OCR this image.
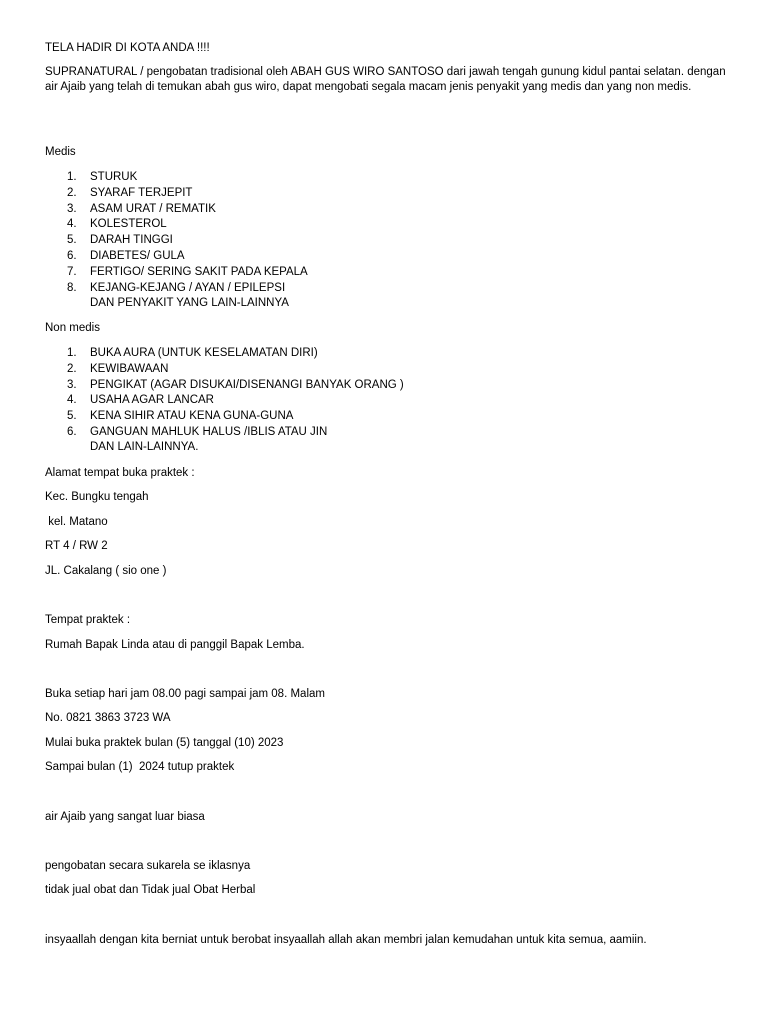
TELA HADIR DI KOTA ANDA !!!!

SUPRANATURAL / pengobatan tradisional oleh ABAH GUS WIRO SANTOSO dari jawah tengah gunung kidul pantai selatan. dengan air Ajaib yang telah di temukan abah gus wiro, dapat mengobati segala macam jenis penyakit yang medis dan yang non medis.

Medis

1. STURUK
2. SYARAF TERJEPIT
3. ASAM URAT / REMATIK
4. KOLESTEROL
5. DARAH TINGGI
6. DIABETES/ GULA
7. FERTIGO/ SERING SAKIT PADA KEPALA
8. KEJANG-KEJANG / AYAN / EPILEPSI
DAN PENYAKIT YANG LAIN-LAINNYA

Non medis

1. BUKA AURA (UNTUK KESELAMATAN DIRI)
2. KEWIBAWAAN
3. PENGIKAT (AGAR DISUKAI/DISENANGI BANYAK ORANG )
4. USAHA AGAR LANCAR
5. KENA SIHIR ATAU KENA GUNA-GUNA
6. GANGUAN MAHLUK HALUS /IBLIS ATAU JIN
DAN LAIN-LAINNYA.

Alamat tempat buka praktek :

Kec. Bungku tengah

kel. Matano

RT 4 / RW 2

JL. Cakalang ( sio one )

Tempat praktek :

Rumah Bapak Linda atau di panggil Bapak Lemba.

Buka setiap hari jam 08.00 pagi sampai jam 08. Malam

No. 0821 3863 3723 WA

Mulai buka praktek bulan (5) tanggal (10) 2023

Sampai bulan (1)  2024 tutup praktek

air Ajaib yang sangat luar biasa

pengobatan secara sukarela se iklasnya

tidak jual obat dan Tidak jual Obat Herbal

insyaallah dengan kita berniat untuk berobat insyaallah allah akan membri jalan kemudahan untuk kita semua, aamiin.
